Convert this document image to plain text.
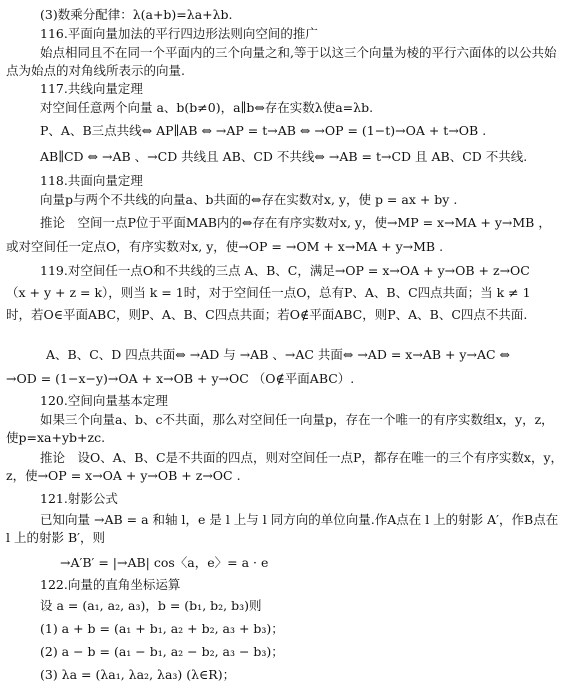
(3)数乘分配律：λ(a+b)=λa+λb.
116.平面向量加法的平行四边形法则向空间的推广
始点相同且不在同一个平面内的三个向量之和,等于以这三个向量为棱的平行六面体的以公共始点为始点的对角线所表示的向量.
117.共线向量定理
对空间任意两个向量 a、b(b≠0)，a∥b⇔存在实数λ使a=λb.
P、A、B三点共线⇔ AP∥AB ⇔ →AP = t→AB ⇔ →OP = (1−t)→OA + t→OB .
AB∥CD ⇔ →AB 、→CD 共线且 AB、CD 不共线⇔ →AB = t→CD 且 AB、CD 不共线.
118.共面向量定理
向量p与两个不共线的向量a、b共面的⇔存在实数对x, y，使 p = ax + by .
推论　空间一点P位于平面MAB内的⇔存在有序实数对x, y，使→MP = x→MA + y→MB ，
或对空间任一定点O，有序实数对x, y，使→OP = →OM + x→MA + y→MB .
119.对空间任一点O和不共线的三点 A、B、C，满足→OP = x→OA + y→OB + z→OC
（x + y + z = k），则当 k = 1时，对于空间任一点O，总有P、A、B、C四点共面；当 k ≠ 1
时，若O∈平面ABC，则P、A、B、C四点共面；若O∉平面ABC，则P、A、B、C四点不共面.
A、B、C、D 四点共面⇔ →AD 与 →AB 、→AC 共面⇔ →AD = x→AB + y→AC ⇔
→OD = (1−x−y)→OA + x→OB + y→OC （O∉平面ABC）.
120.空间向量基本定理
如果三个向量a、b、c不共面，那么对空间任一向量p，存在一个唯一的有序实数组x，y，z，使p=xa+yb+zc.
推论　设O、A、B、C是不共面的四点，则对空间任一点P，都存在唯一的三个有序实数x，y，z，使→OP = x→OA + y→OB + z→OC .
121.射影公式
已知向量 →AB = a 和轴 l，e 是 l 上与 l 同方向的单位向量.作A点在 l 上的射影 A′，作B点在 l 上的射影 B′，则
→A′B′ = |→AB| cos〈a，e〉= a · e
122.向量的直角坐标运算
设 a = (a₁, a₂, a₃)，b = (b₁, b₂, b₃)则
(1) a + b = (a₁ + b₁, a₂ + b₂, a₃ + b₃)；
(2) a − b = (a₁ − b₁, a₂ − b₂, a₃ − b₃)；
(3) λa = (λa₁, λa₂, λa₃) (λ∈R)；
